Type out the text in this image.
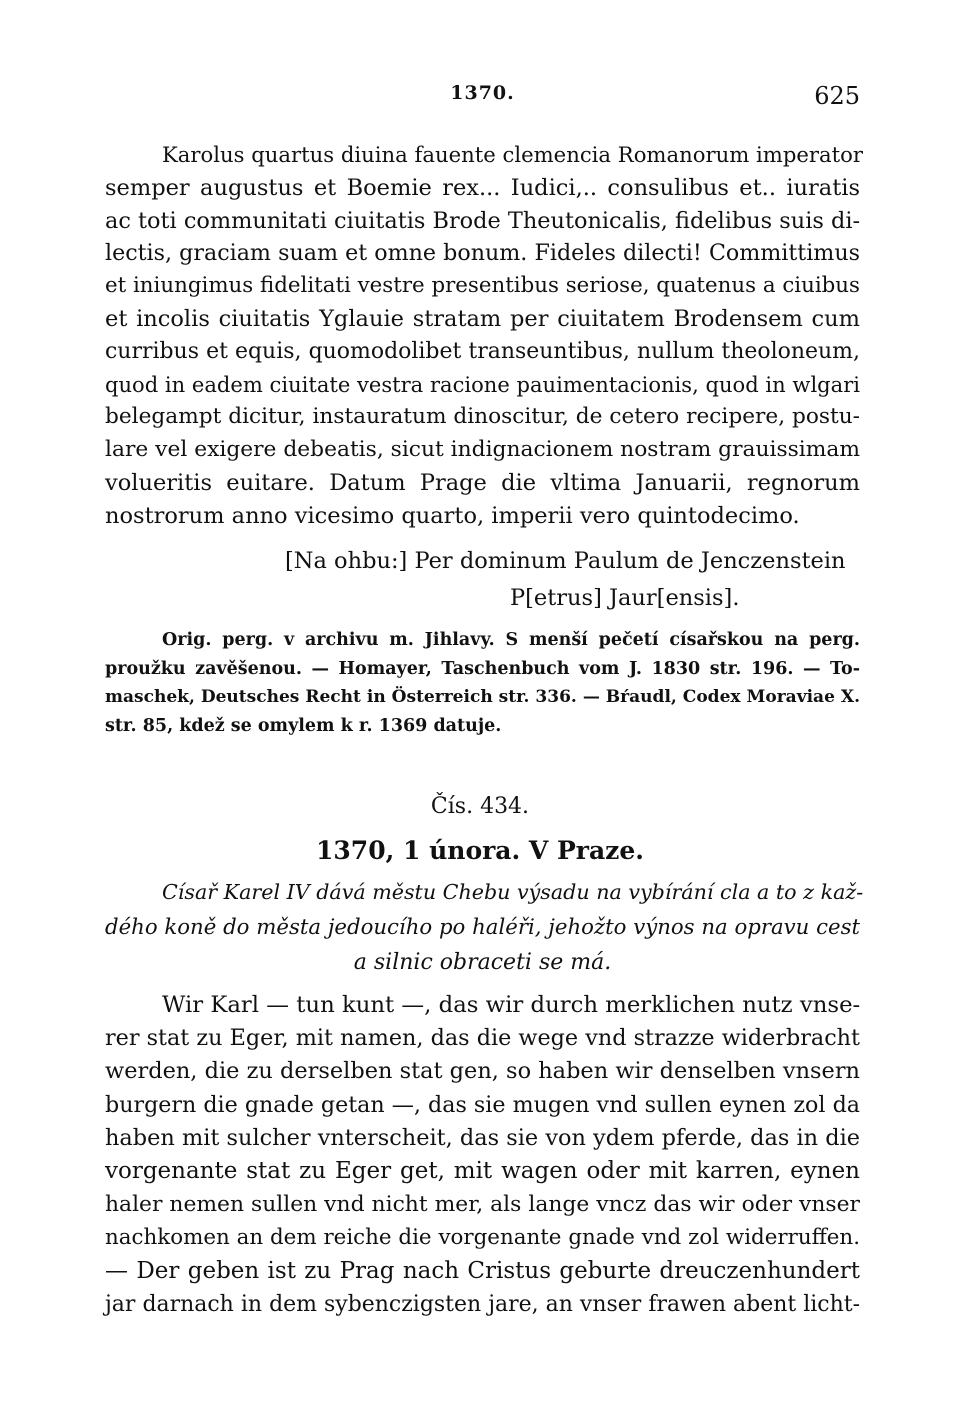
1370.	625
Karolus quartus diuina fauente clemencia Romanorum imperator
semper augustus et Boemie rex... Iudici,.. consulibus et.. iuratis
ac toti communitati ciuitatis Brode Theutonicalis, fidelibus suis di-
lectis, graciam suam et omne bonum. Fideles dilecti! Committimus
et iniungimus fidelitati vestre presentibus seriose, quatenus a ciuibus
et incolis ciuitatis Yglauie stratam per ciuitatem Brodensem cum
curribus et equis, quomodolibet transeuntibus, nullum theoloneum,
quod in eadem ciuitate vestra racione pauimentacionis, quod in wlgari
belegampt dicitur, instauratum dinoscitur, de cetero recipere, postu-
lare vel exigere debeatis, sicut indignacionem nostram grauissimam
volueritis euitare. Datum Prage die vltima Januarii, regnorum
nostrorum anno vicesimo quarto, imperii vero quintodecimo.
[Na ohbu:] Per dominum Paulum de Jenczenstein
P[etrus] Jaur[ensis].
Orig. perg. v archivu m. Jihlavy. S menší pečetí císařskou na perg.
proužku zavěšenou. — Homayer, Taschenbuch vom J. 1830 str. 196. — To-
maschek, Deutsches Recht in Österreich str. 336. — Bŕaudl, Codex Moraviae X.
str. 85, kdež se omylem k r. 1369 datuje.
Čís. 434.
1370, 1 února. V Praze.
Císař Karel IV dává městu Chebu výsadu na vybírání cla a to z kaž-
dého koně do města jedoucího po haléři, jehožto výnos na opravu cest
a silnic obraceti se má.
Wir Karl — tun kunt —, das wir durch merklichen nutz vnse-
rer stat zu Eger, mit namen, das die wege vnd strazze widerbracht
werden, die zu derselben stat gen, so haben wir denselben vnsern
burgern die gnade getan —, das sie mugen vnd sullen eynen zol da
haben mit sulcher vnterscheit, das sie von ydem pferde, das in die
vorgenante stat zu Eger get, mit wagen oder mit karren, eynen
haler nemen sullen vnd nicht mer, als lange vncz das wir oder vnser
nachkomen an dem reiche die vorgenante gnade vnd zol widerruffen.
— Der geben ist zu Prag nach Cristus geburte dreuczenhundert
jar darnach in dem sybenczigsten jare, an vnser frawen abent licht-
